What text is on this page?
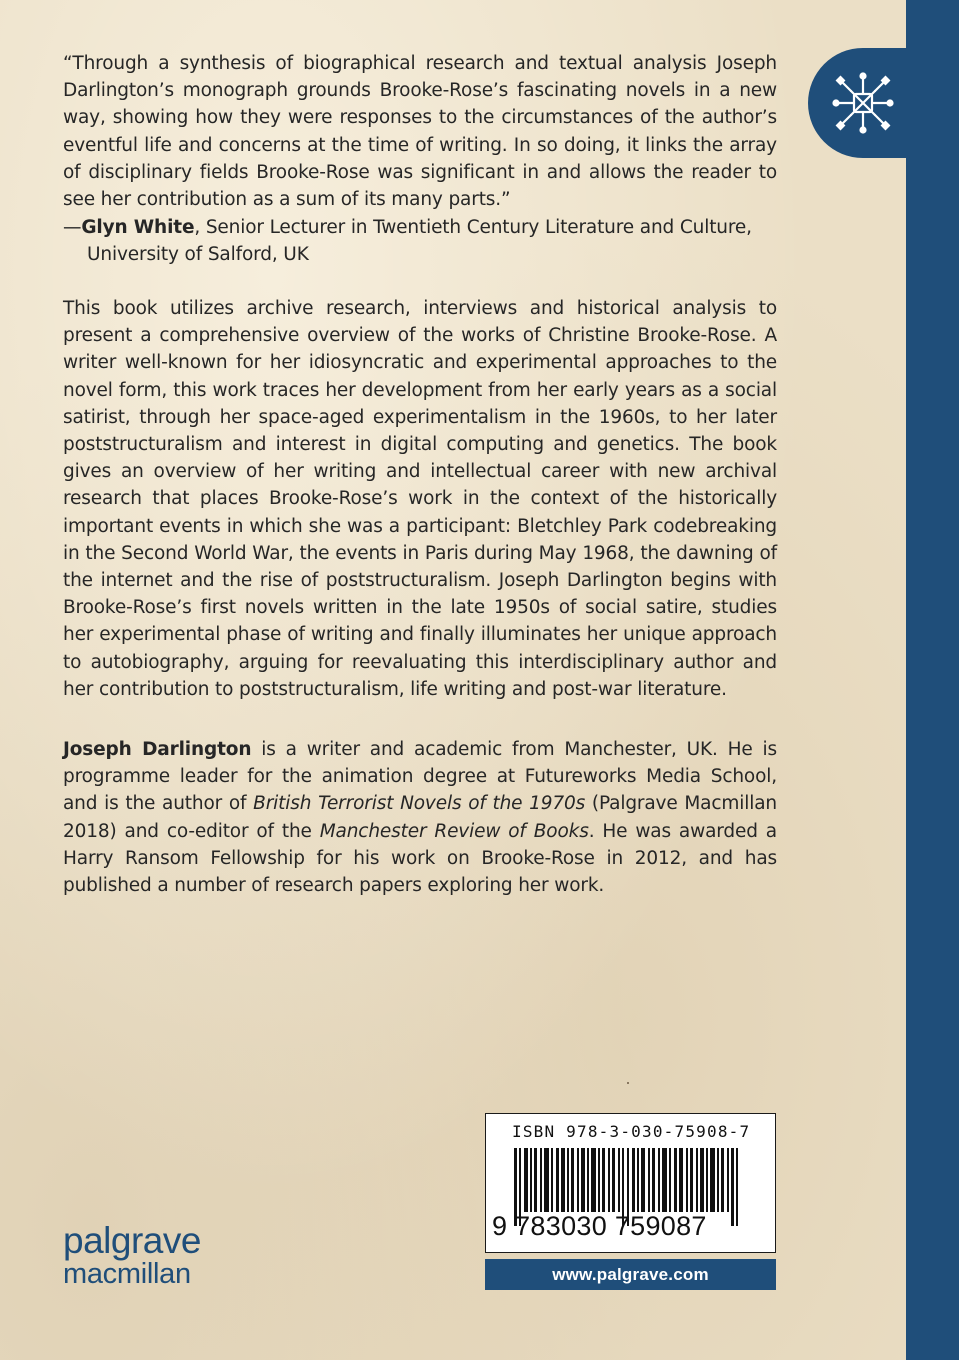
“Through a synthesis of biographical research and textual analysis Joseph Darlington’s monograph grounds Brooke-Rose’s fascinating novels in a new way, showing how they were responses to the circumstances of the author’s eventful life and concerns at the time of writing. In so doing, it links the array of disciplinary fields Brooke-Rose was significant in and allows the reader to see her contribution as a sum of its many parts.”
—Glyn White, Senior Lecturer in Twentieth Century Literature and Culture,
University of Salford, UK
This book utilizes archive research, interviews and historical analysis to present a comprehensive overview of the works of Christine Brooke-Rose. A writer well-known for her idiosyncratic and experimental approaches to the novel form, this work traces her development from her early years as a social satirist, through her space-aged experimentalism in the 1960s, to her later poststructuralism and interest in digital computing and genetics. The book gives an overview of her writing and intellectual career with new archival research that places Brooke-Rose’s work in the context of the historically important events in which she was a participant: Bletchley Park codebreaking in the Second World War, the events in Paris during May 1968, the dawning of the internet and the rise of poststructuralism. Joseph Darlington begins with Brooke-Rose’s first novels written in the late 1950s of social satire, studies her experimental phase of writing and finally illuminates her unique approach to autobiography, arguing for reevaluating this interdisciplinary author and her contribution to poststructuralism, life writing and post-war literature.
Joseph Darlington is a writer and academic from Manchester, UK. He is programme leader for the animation degree at Futureworks Media School, and is the author of British Terrorist Novels of the 1970s (Palgrave Macmillan 2018) and co-editor of the Manchester Review of Books. He was awarded a Harry Ransom Fellowship for his work on Brooke-Rose in 2012, and has published a number of research papers exploring her work.
ISBN 978-3-030-75908-7
9 783030 759087
www.palgrave.com
palgrave
macmillan
